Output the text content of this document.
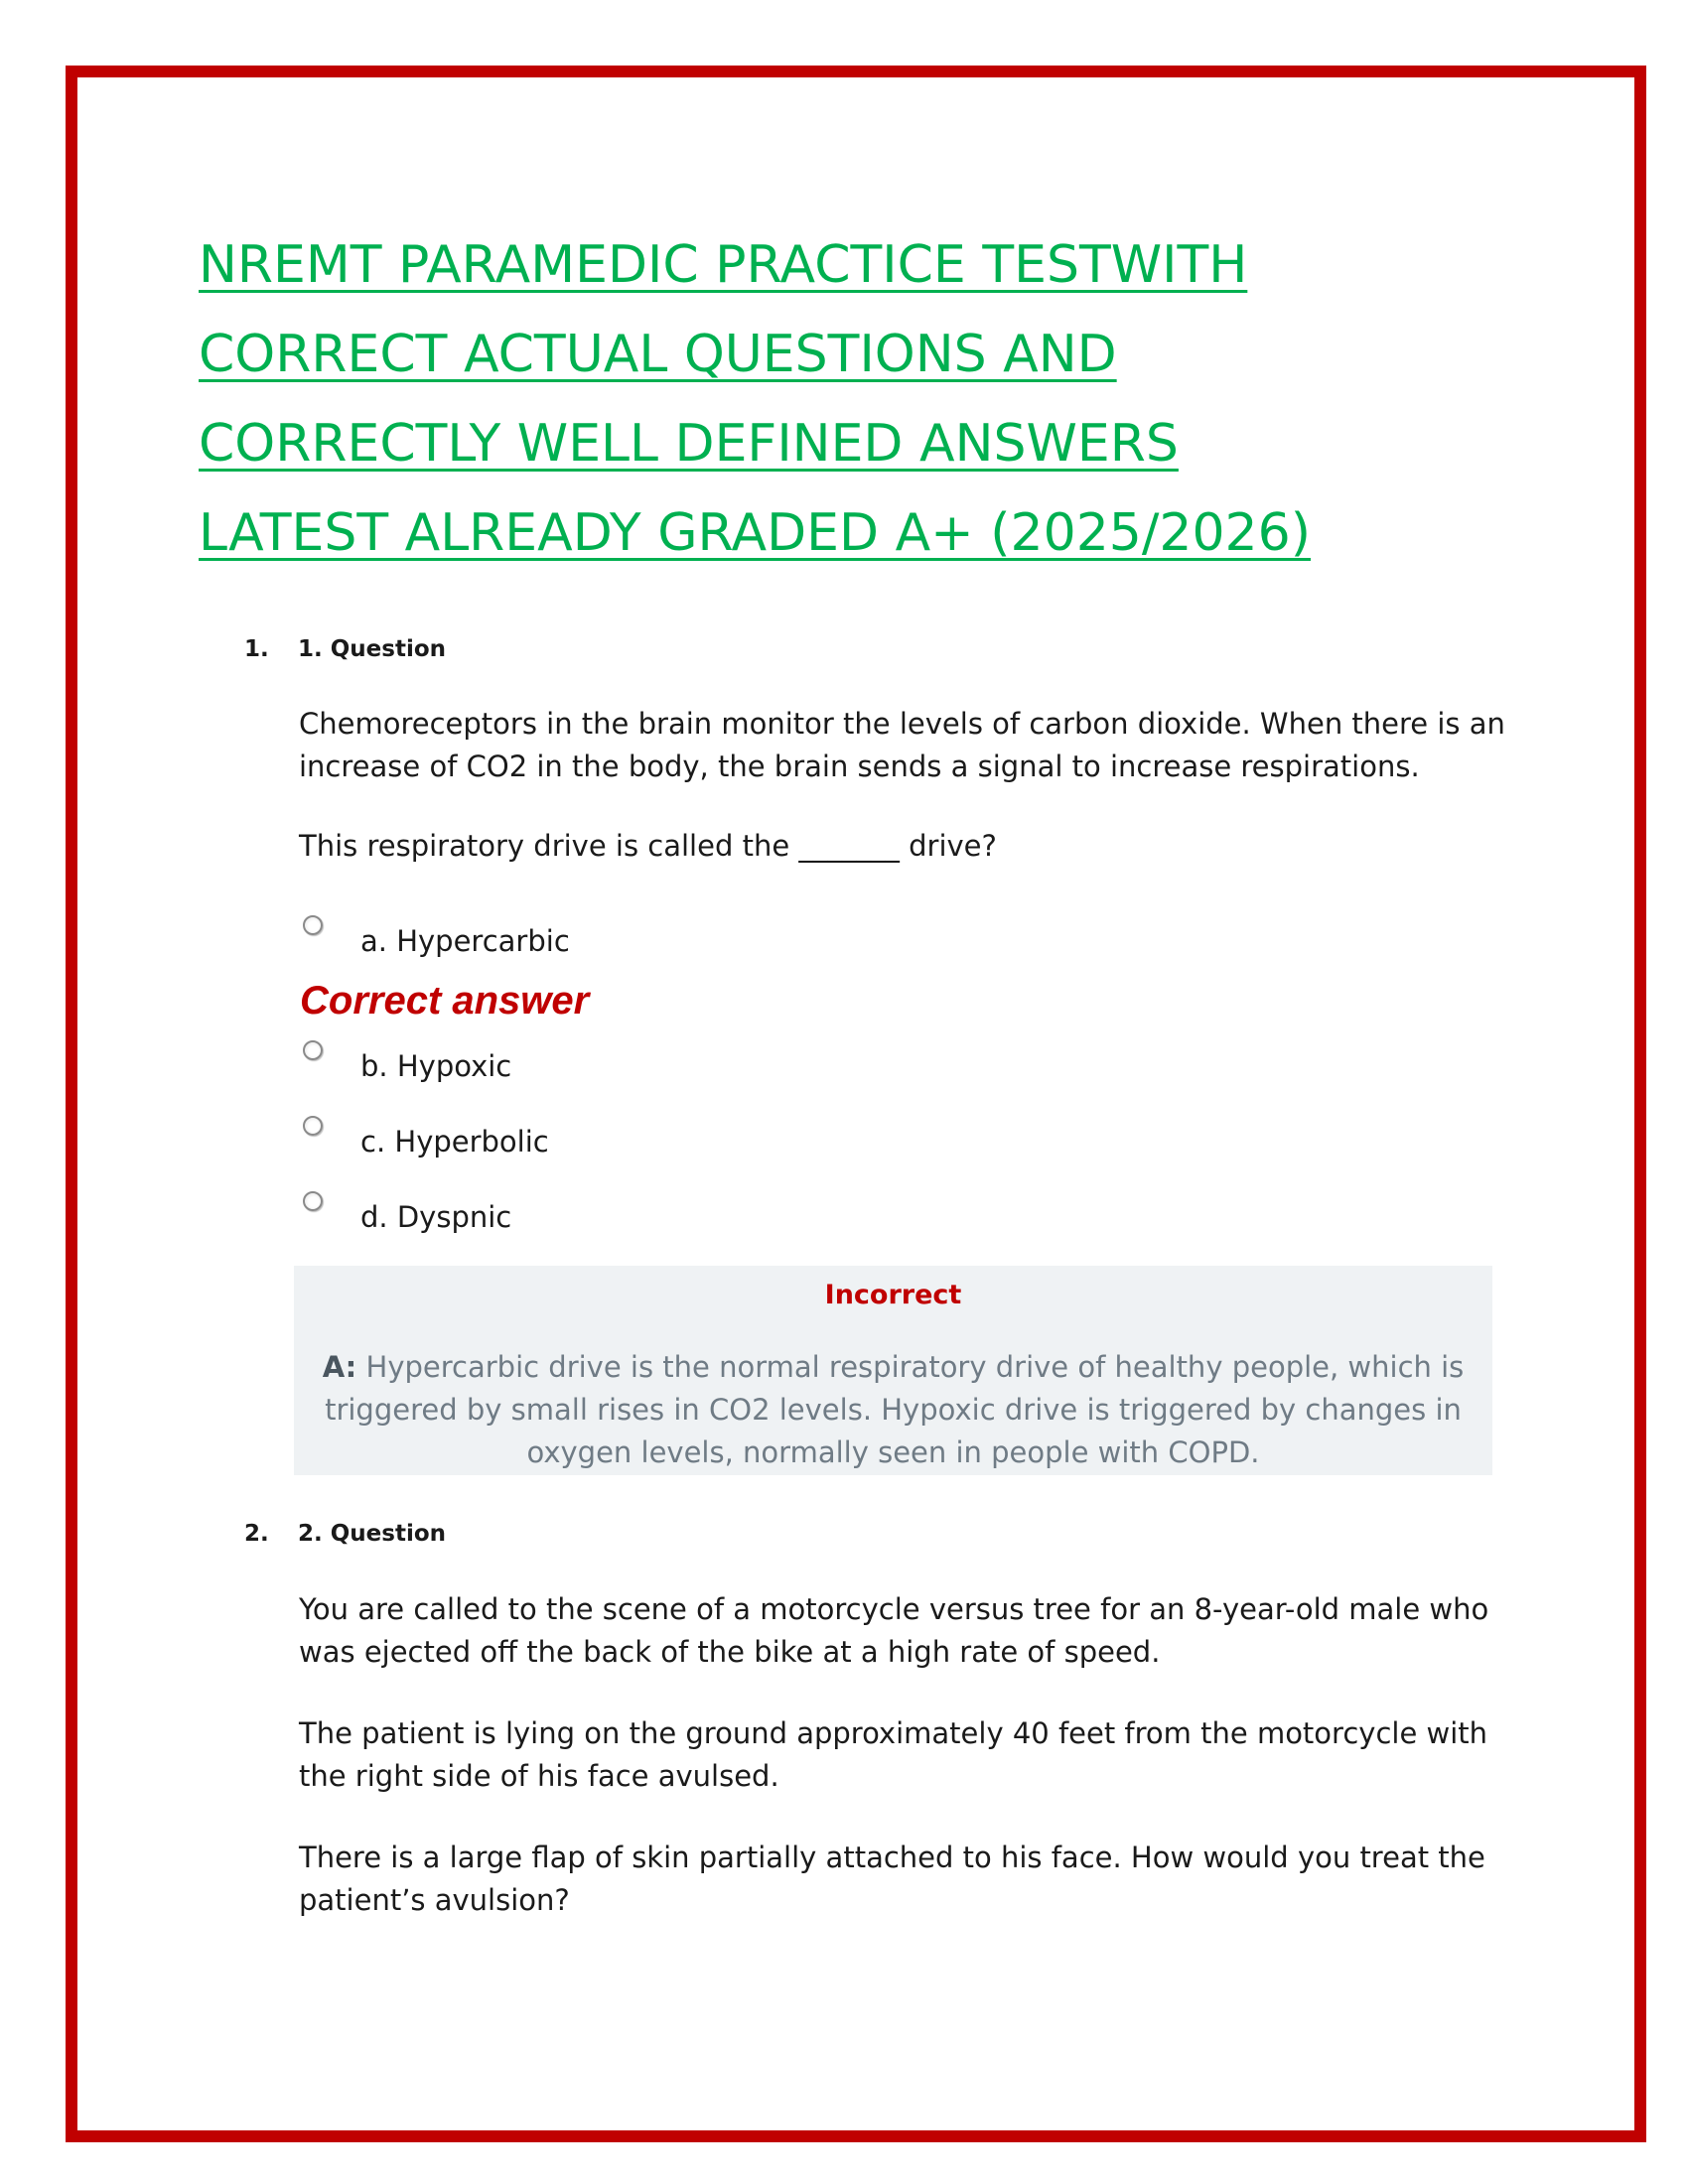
NREMT PARAMEDIC PRACTICE TESTWITH
CORRECT ACTUAL QUESTIONS AND
CORRECTLY WELL DEFINED ANSWERS
LATEST ALREADY GRADED A+ (2025/2026)
1. 1. Question

Chemoreceptors in the brain monitor the levels of carbon dioxide. When there is an increase of CO2 in the body, the brain sends a signal to increase respirations.

This respiratory drive is called the _______ drive?

a. Hypercarbic
Correct answer
b. Hypoxic
c. Hyperbolic
d. Dyspnic
Incorrect
A: Hypercarbic drive is the normal respiratory drive of healthy people, which is triggered by small rises in CO2 levels. Hypoxic drive is triggered by changes in oxygen levels, normally seen in people with COPD.
2. 2. Question

You are called to the scene of a motorcycle versus tree for an 8-year-old male who was ejected off the back of the bike at a high rate of speed.

The patient is lying on the ground approximately 40 feet from the motorcycle with the right side of his face avulsed.

There is a large flap of skin partially attached to his face. How would you treat the patient’s avulsion?
